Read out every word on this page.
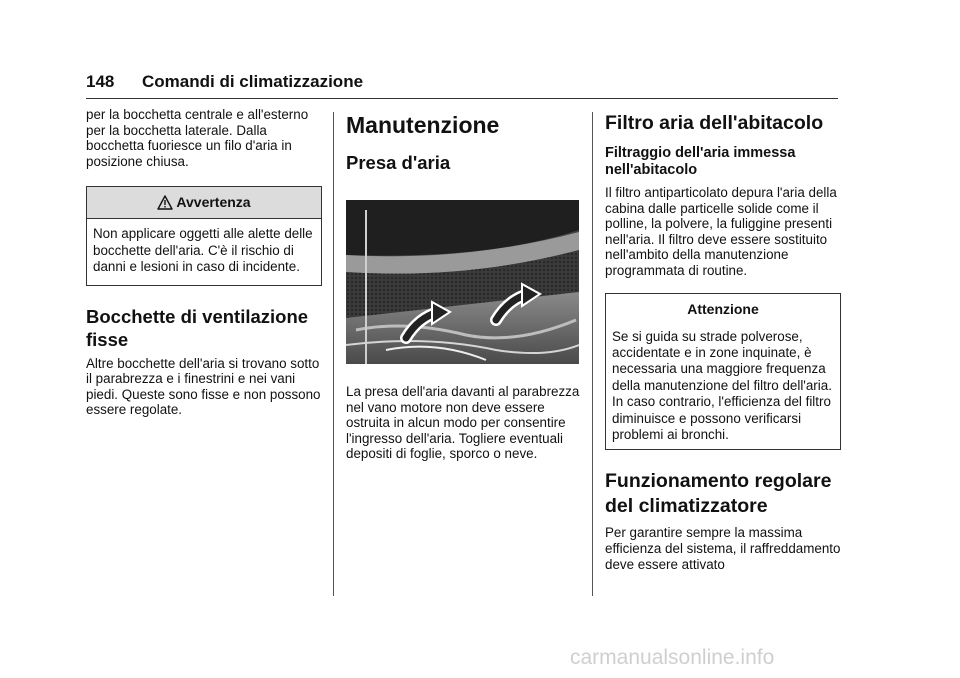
148 Comandi di climatizzazione

per la bocchetta centrale e all'esterno per la bocchetta laterale. Dalla bocchetta fuoriesce un filo d'aria in posizione chiusa.

Avvertenza
Non applicare oggetti alle alette delle bocchette dell'aria. C'è il rischio di danni e lesioni in caso di incidente.
Bocchette di ventilazione fisse

Altre bocchette dell'aria si trovano sotto il parabrezza e i finestrini e nei vani piedi. Queste sono fisse e non possono essere regolate.

Manutenzione
Presa d'aria

La presa dell'aria davanti al parabrezza nel vano motore non deve essere ostruita in alcun modo per consentire l'ingresso dell'aria. Togliere eventuali depositi di foglie, sporco o neve.

Filtro aria dell'abitacolo
Filtraggio dell'aria immessa nell'abitacolo

Il filtro antiparticolato depura l'aria della cabina dalle particelle solide come il polline, la polvere, la fuliggine presenti nell'aria. Il filtro deve essere sostituito nell'ambito della manutenzione programmata di routine.

Attenzione
Se si guida su strade polverose, accidentate e in zone inquinate, è necessaria una maggiore frequenza della manutenzione del filtro dell'aria. In caso contrario, l'efficienza del filtro diminuisce e possono verificarsi problemi ai bronchi.
Funzionamento regolare del climatizzatore

Per garantire sempre la massima efficienza del sistema, il raffreddamento deve essere attivato

carmanualsonline.info
